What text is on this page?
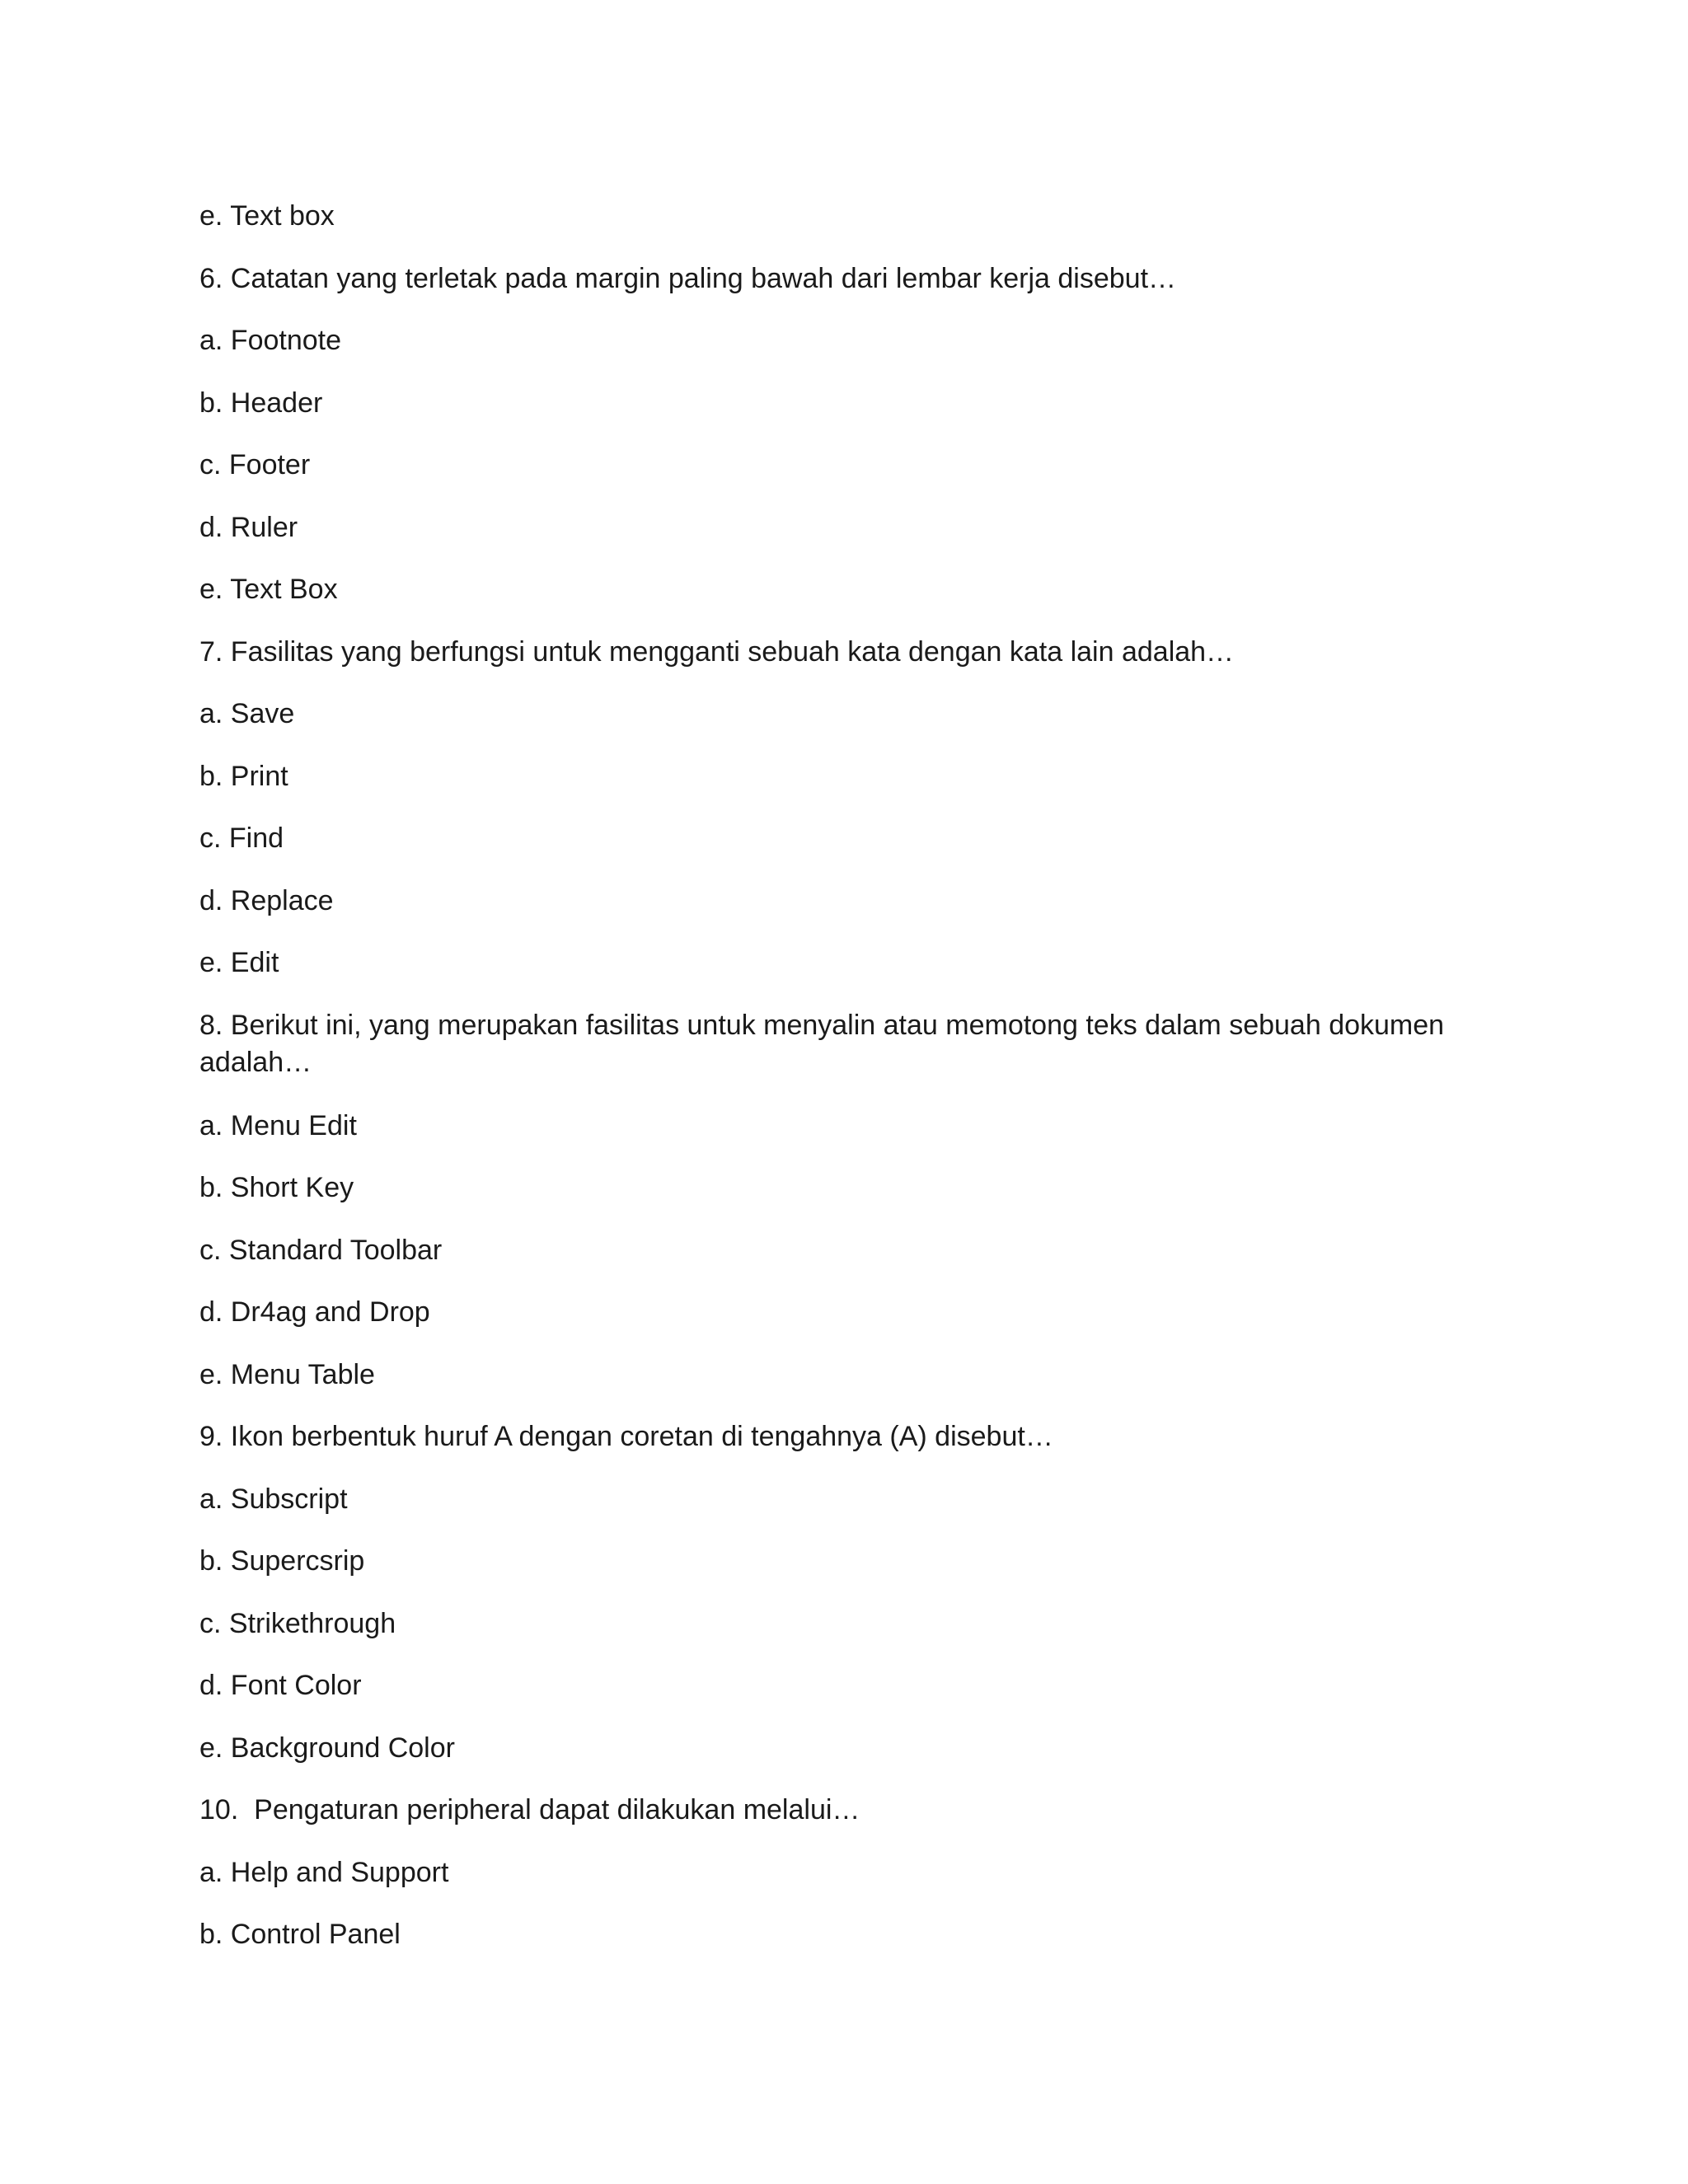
e. Text box
6. Catatan yang terletak pada margin paling bawah dari lembar kerja disebut…
a. Footnote
b. Header
c. Footer
d. Ruler
e. Text Box
7. Fasilitas yang berfungsi untuk mengganti sebuah kata dengan kata lain adalah…
a. Save
b. Print
c. Find
d. Replace
e. Edit
8. Berikut ini, yang merupakan fasilitas untuk menyalin atau memotong teks dalam sebuah dokumen adalah…
a. Menu Edit
b. Short Key
c. Standard Toolbar
d. Dr4ag and Drop
e. Menu Table
9. Ikon berbentuk huruf A dengan coretan di tengahnya (A) disebut…
a. Subscript
b. Supercsrip
c. Strikethrough
d. Font Color
e. Background Color
10.  Pengaturan peripheral dapat dilakukan melalui…
a. Help and Support
b. Control Panel
